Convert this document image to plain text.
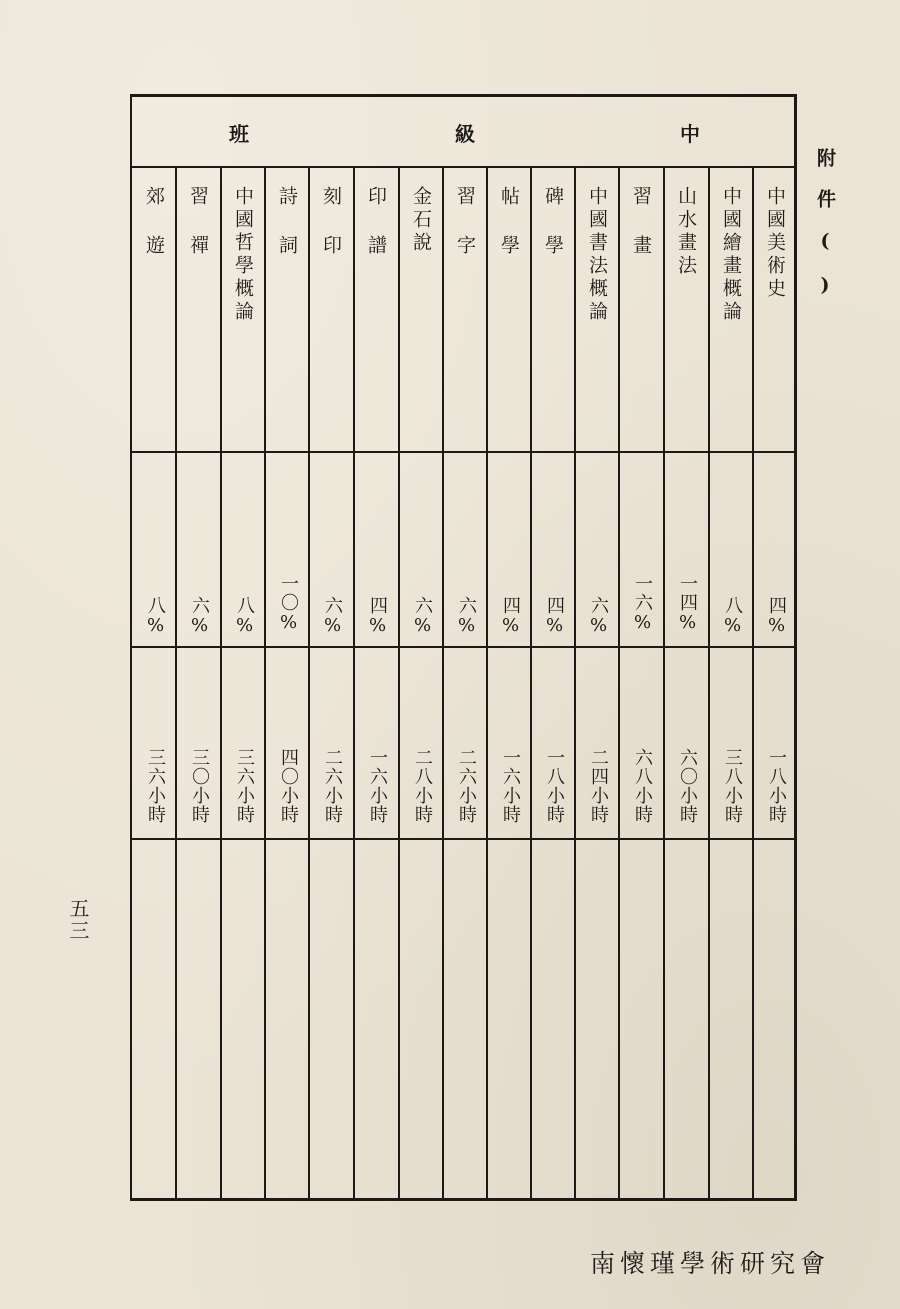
班	級	中
中國美術史
中國繪畫概論
山水畫法
習 畫
中國書法概論
碑 學
帖 學
習 字
金石說
印 譜
刻 印
詩 詞
中國哲學概論
習 禪
郊 遊
四%
八%
一四%
一六%
六%
四%
四%
六%
六%
四%
六%
一〇%
八%
六%
八%
一八小時
三八小時
六〇小時
六八小時
二四小時
一八小時
一六小時
二六小時
二八小時
一六小時
二六小時
四〇小時
三六小時
三〇小時
三六小時
附件()
五三
南懷瑾學術研究會
